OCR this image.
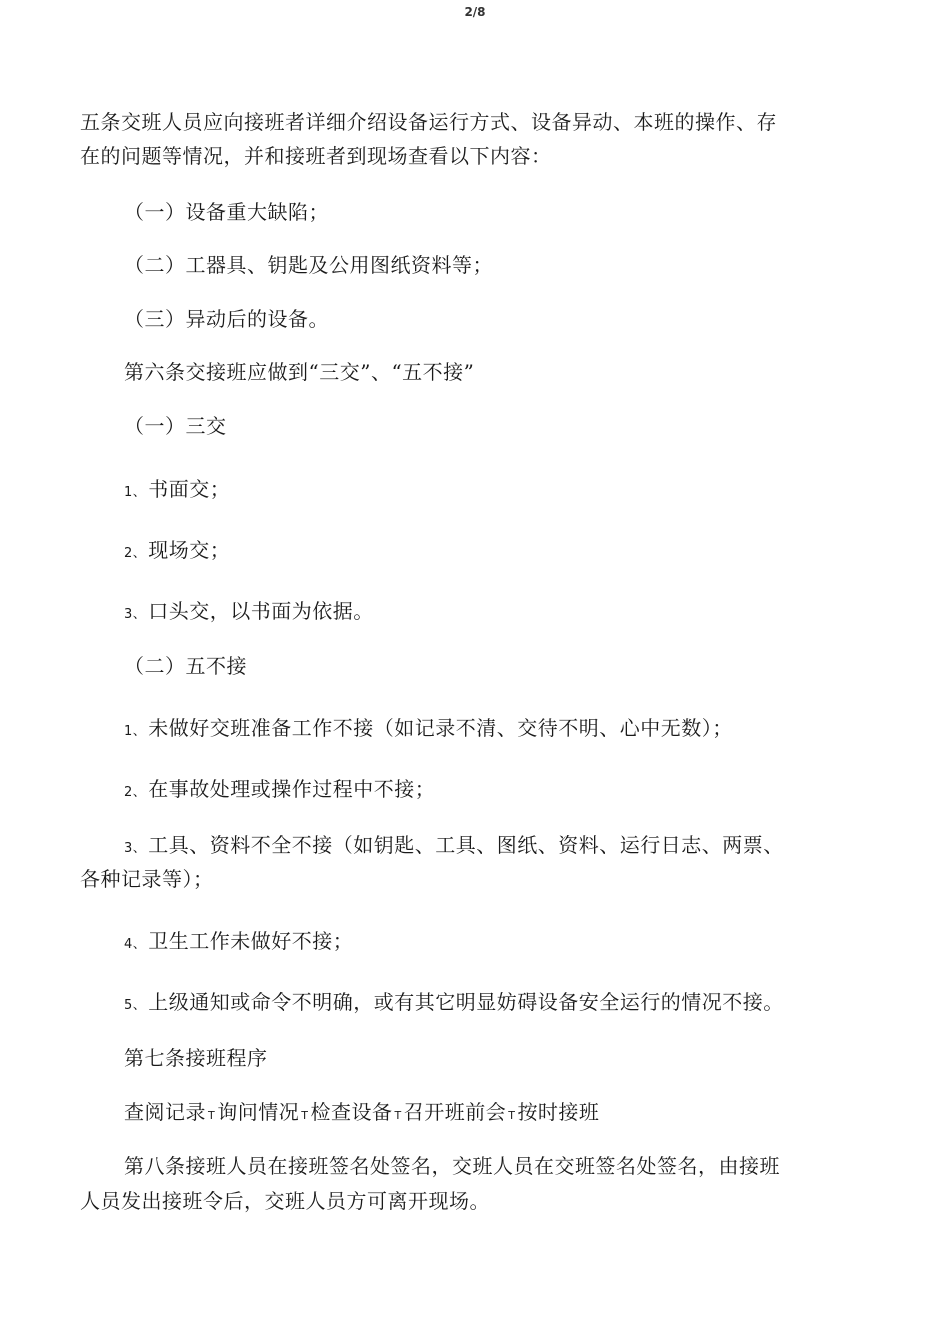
2/8
五条交班人员应向接班者详细介绍设备运行方式、设备异动、本班的操作、存
在的问题等情况，并和接班者到现场查看以下内容：
（一）设备重大缺陷；
（二）工器具、钥匙及公用图纸资料等；
（三）异动后的设备。
第六条交接班应做到“三交”、“五不接”
（一）三交
1、 书面交；
2、 现场交；
3、 口头交，以书面为依据。
（二）五不接
1、 未做好交班准备工作不接（如记录不清、交待不明、心中无数）；
2、 在事故处理或操作过程中不接；
3、 工具、资料不全不接（如钥匙、工具、图纸、资料、运行日志、两票、
各种记录等）；
4、 卫生工作未做好不接；
5、 上级通知或命令不明确，或有其它明显妨碍设备安全运行的情况不接。
第七条接班程序
查阅记录 T 询问情况 T 检查设备 T 召开班前会 T 按时接班
第八条接班人员在接班签名处签名，交班人员在交班签名处签名，由接班
人员发出接班令后，交班人员方可离开现场。
